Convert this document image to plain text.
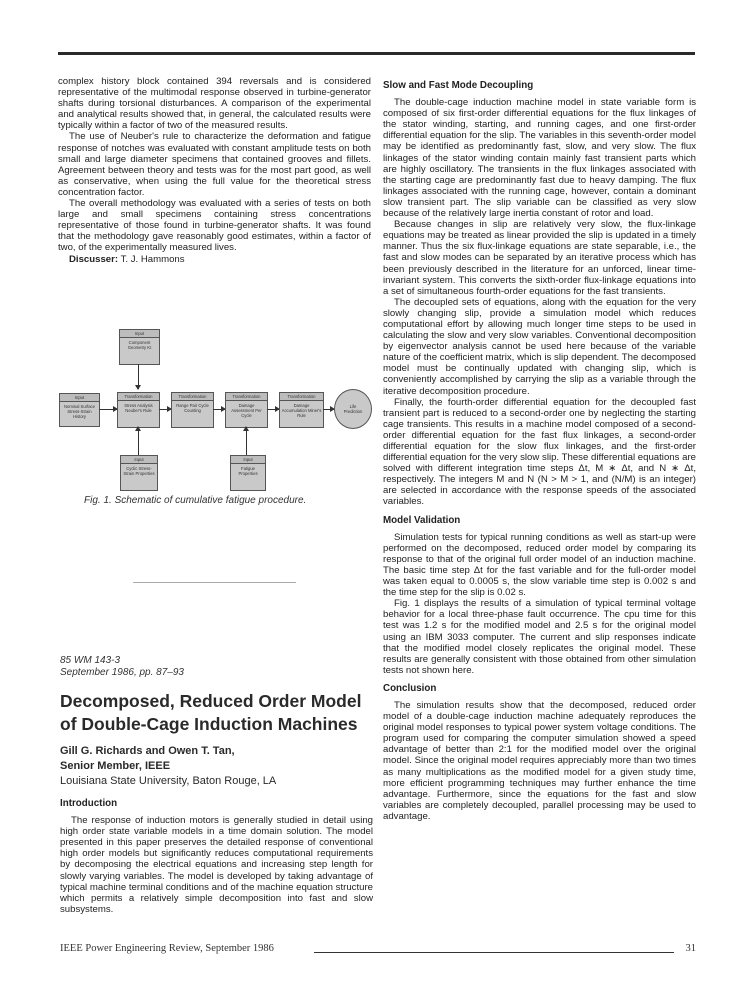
complex history block contained 394 reversals and is considered representative of the multimodal response observed in turbine-generator shafts during torsional disturbances. A comparison of the experimental and analytical results showed that, in general, the calculated results were typically within a factor of two of the measured results.

The use of Neuber's rule to characterize the deformation and fatigue response of notches was evaluated with constant amplitude tests on both small and large diameter specimens that contained grooves and fillets. Agreement between theory and tests was for the most part good, as well as conservative, when using the full value for the theoretical stress concentration factor.

The overall methodology was evaluated with a series of tests on both large and small specimens containing stress concentrations representative of those found in turbine-generator shafts. It was found that the methodology gave reasonably good estimates, within a factor of two, of the experimentally measured lives.

Discusser: T. J. Hammons

Input
Component Geometry Kt
Input
Nominal Surface Stress-Strain History
Transformation
Stress Analysis Neuber's Rule
Transformation
Range Pair Cycle Counting
Transformation
Damage Assessment Per Cycle
Transformation
Damage Accumulation Miner's Rule
Life
Prediction
Input
Cyclic Stress-Strain Properties
Input
Fatigue Properties
Fig. 1. Schematic of cumulative fatigue procedure.
85 WM 143-3
September 1986, pp. 87–93
Decomposed, Reduced Order Model of Double-Cage Induction Machines
Gill G. Richards and Owen T. Tan,
Senior Member, IEEE
Louisiana State University, Baton Rouge, LA
Introduction

The response of induction motors is generally studied in detail using high order state variable models in a time domain solution. The model presented in this paper preserves the detailed response of conventional high order models but significantly reduces computational requirements by decomposing the electrical equations and increasing step length for slowly varying variables. The model is developed by taking advantage of typical machine terminal conditions and of the machine equation structure which permits a relatively simple decomposition into fast and slow subsystems.

Slow and Fast Mode Decoupling

The double-cage induction machine model in state variable form is composed of six first-order differential equations for the flux linkages of the stator winding, starting, and running cages, and one first-order differential equation for the slip. The variables in this seventh-order model may be identified as predominantly fast, slow, and very slow. The flux linkages of the stator winding contain mainly fast transient parts which are highly oscillatory. The transients in the flux linkages associated with the starting cage are predominantly fast due to heavy damping. The flux linkages associated with the running cage, however, contain a dominant slow transient part. The slip variable can be classified as very slow because of the relatively large inertia constant of rotor and load.

Because changes in slip are relatively very slow, the flux-linkage equations may be treated as linear provided the slip is updated in a timely manner. Thus the six flux-linkage equations are state separable, i.e., the fast and slow modes can be separated by an iterative process which has been previously described in the literature for an unforced, linear time-invariant system. This converts the sixth-order flux-linkage equations into a set of simultaneous fourth-order equations for the fast transients.

The decoupled sets of equations, along with the equation for the very slowly changing slip, provide a simulation model which reduces computational effort by allowing much longer time steps to be used in calculating the slow and very slow variables. Conventional decomposition by eigenvector analysis cannot be used here because of the variable nature of the coefficient matrix, which is slip dependent. The decomposed model must be continually updated with changing slip, which is conveniently accomplished by carrying the slip as a variable through the iterative decomposition procedure.

Finally, the fourth-order differential equation for the decoupled fast transient part is reduced to a second-order one by neglecting the starting cage transients. This results in a machine model composed of a second-order differential equation for the fast flux linkages, a second-order differential equation for the slow flux linkages, and the first-order differential equation for the very slow slip. These differential equations are solved with different integration time steps Δt, M ∗ Δt, and N ∗ Δt, respectively. The integers M and N (N > M > 1, and (N/M) is an integer) are selected in accordance with the response speeds of the associated variables.

Model Validation

Simulation tests for typical running conditions as well as start-up were performed on the decomposed, reduced order model by comparing its response to that of the original full order model of an induction machine. The basic time step Δt for the fast variable and for the full-order model was taken equal to 0.0005 s, the slow variable time step is 0.002 s and the time step for the slip is 0.02 s.

Fig. 1 displays the results of a simulation of typical terminal voltage behavior for a local three-phase fault occurrence. The cpu time for this test was 1.2 s for the modified model and 2.5 s for the original model using an IBM 3033 computer. The current and slip responses indicate that the modified model closely replicates the original model. These results are generally consistent with those obtained from other simulation tests not shown here.

Conclusion

The simulation results show that the decomposed, reduced order model of a double-cage induction machine adequately reproduces the original model responses to typical power system voltage conditions. The program used for comparing the computer simulation showed a speed advantage of better than 2:1 for the modified model over the original model. Since the original model requires appreciably more than two times as many multiplications as the modified model for a given study time, more efficient programming techniques may further enhance the time advantage. Furthermore, since the equations for the fast and slow variables are completely decoupled, parallel processing may be used to advantage.

IEEE Power Engineering Review, September 1986	31
